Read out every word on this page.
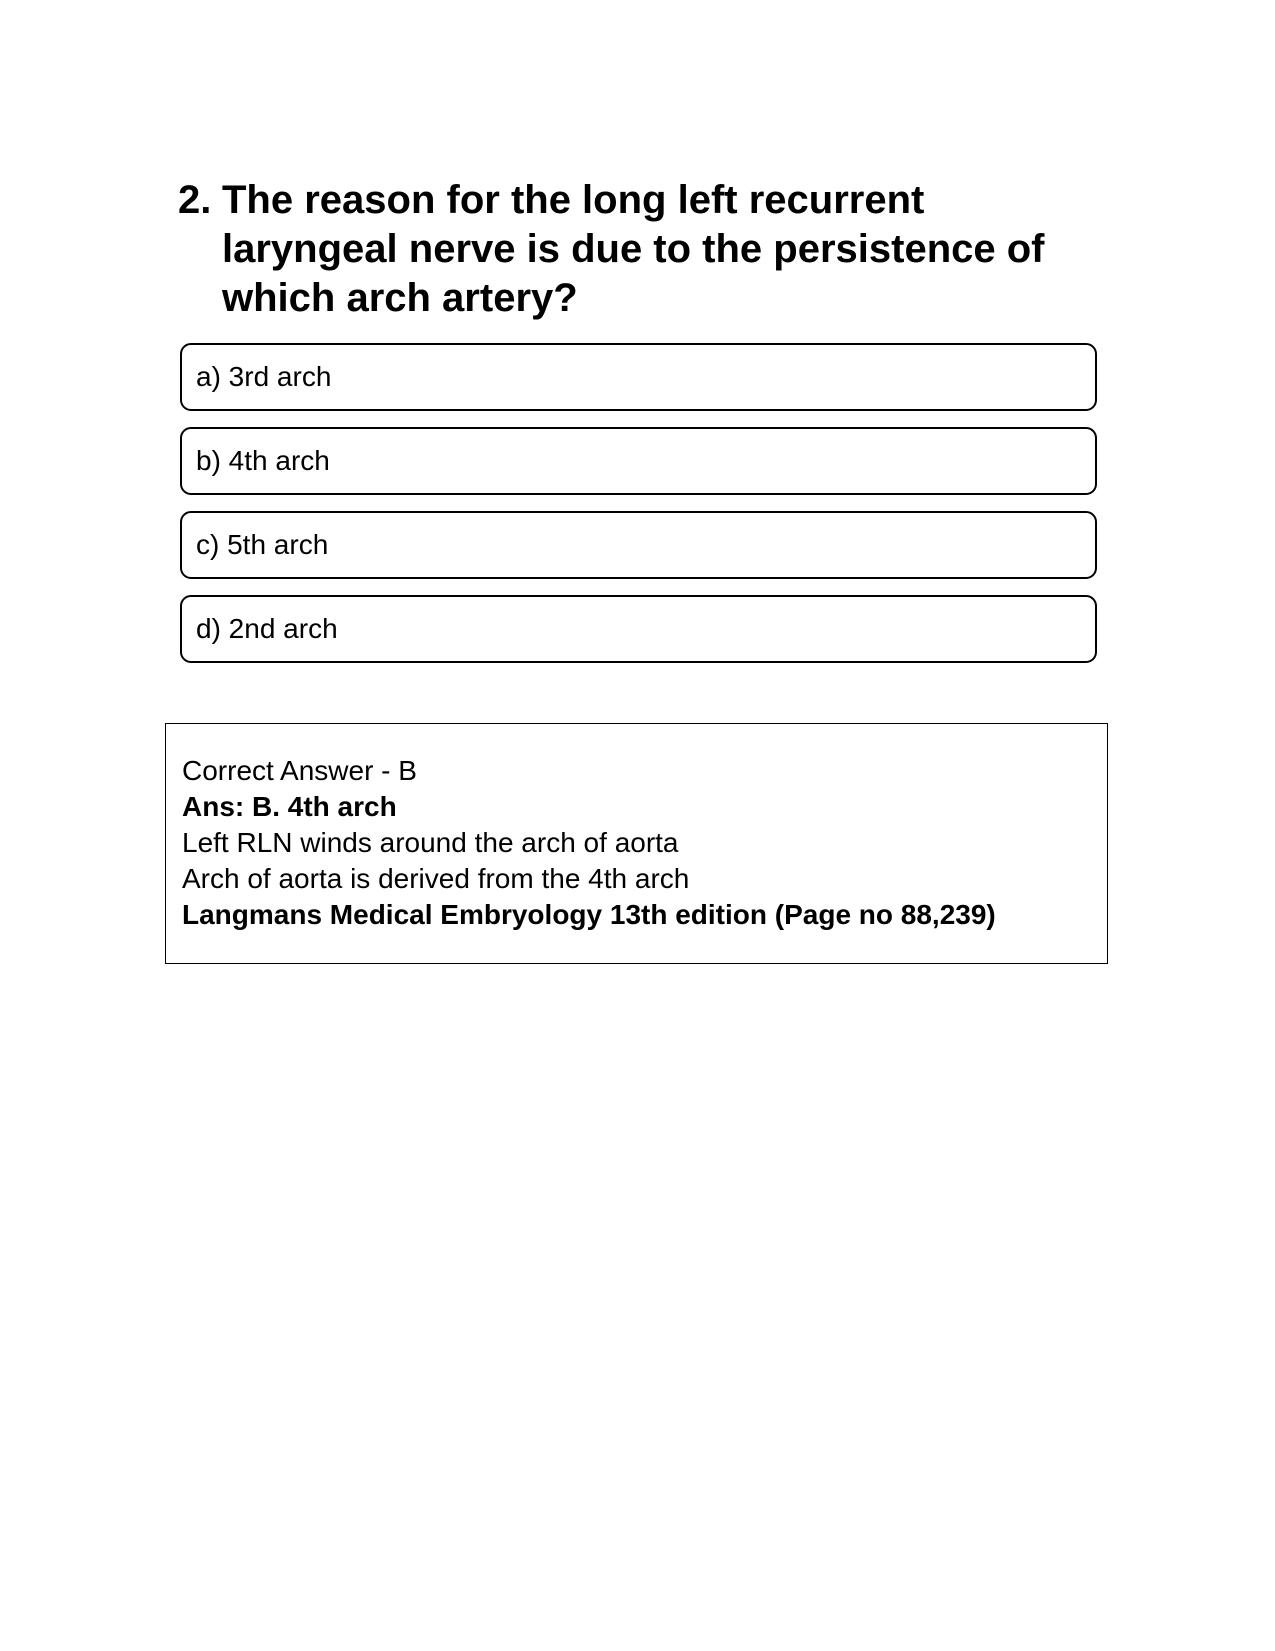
2. The reason for the long left recurrent laryngeal nerve is due to the persistence of which arch artery?
a) 3rd arch
b) 4th arch
c) 5th arch
d) 2nd arch
Correct Answer - B
Ans: B. 4th arch
Left RLN winds around the arch of aorta
Arch of aorta is derived from the 4th arch
Langmans Medical Embryology 13th edition (Page no 88,239)
